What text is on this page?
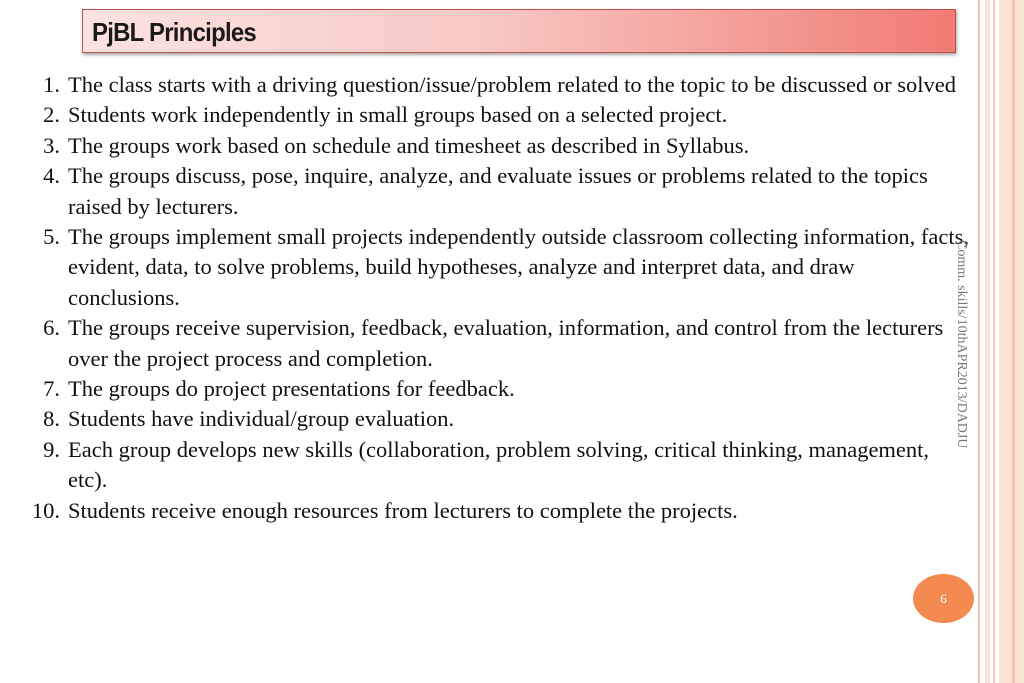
PjBL Principles
1. The class starts with a driving question/issue/problem related to the topic to be discussed or solved
2. Students work independently in small groups based on a selected project.
3. The groups work based on schedule and timesheet as described in Syllabus.
4. The groups discuss, pose, inquire, analyze, and evaluate issues or problems related to the topics raised by lecturers.
5. The groups implement small projects independently outside classroom collecting information, facts, evident, data, to solve problems, build hypotheses, analyze and interpret data, and draw conclusions.
6. The groups receive supervision, feedback, evaluation, information, and control from the lecturers over the project process and completion.
7. The groups do project presentations for feedback.
8. Students have individual/group evaluation.
9. Each group develops new skills (collaboration, problem solving, critical thinking, management, etc).
10. Students receive enough resources from lecturers to complete the projects.
Comm. skills/10thAPR2013/DADJU
6
